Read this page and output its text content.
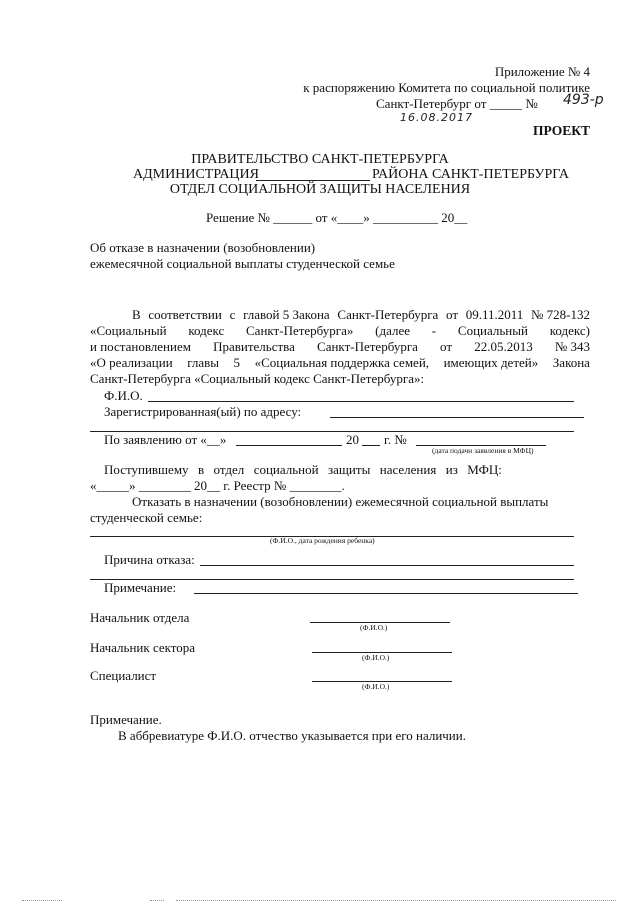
Приложение № 4
к распоряжению Комитета по социальной политике
Санкт-Петербург от _____ № 493-р
16.08.2017
ПРОЕКТ
ПРАВИТЕЛЬСТВО САНКТ-ПЕТЕРБУРГА
АДМИНИСТРАЦИЯ	РАЙОНА САНКТ-ПЕТЕРБУРГА
ОТДЕЛ СОЦИАЛЬНОЙ ЗАЩИТЫ НАСЕЛЕНИЯ
Решение № ______ от «____» __________ 20__
Об отказе в назначении (возобновлении)
ежемесячной социальной выплаты студенческой семье
В соответствии с главой 5 Закона Санкт-Петербурга от 09.11.2011 № 728-132
«Социальный кодекс Санкт-Петербурга» (далее - Социальный кодекс)
и постановлением Правительства Санкт-Петербурга от 22.05.2013 № 343
«О реализации главы 5 «Социальная поддержка семей, имеющих детей» Закона
Санкт-Петербурга «Социальный кодекс Санкт-Петербурга»:
Ф.И.О.
Зарегистрированная(ый) по адресу:
По заявлению от «__»	20 г. №
(дата подачи заявления в МФЦ)
Поступившему в отдел социальной защиты населения из МФЦ:
«_____» ________ 20__ г. Реестр № ________.
Отказать в назначении (возобновлении) ежемесячной социальной выплаты
студенческой семье:
(Ф.И.О., дата рождения ребенка)
Причина отказа:
Примечание:
Начальник отдела
(Ф.И.О.)
Начальник сектора
(Ф.И.О.)
Специалист
(Ф.И.О.)
Примечание.
В аббревиатуре Ф.И.О. отчество указывается при его наличии.
